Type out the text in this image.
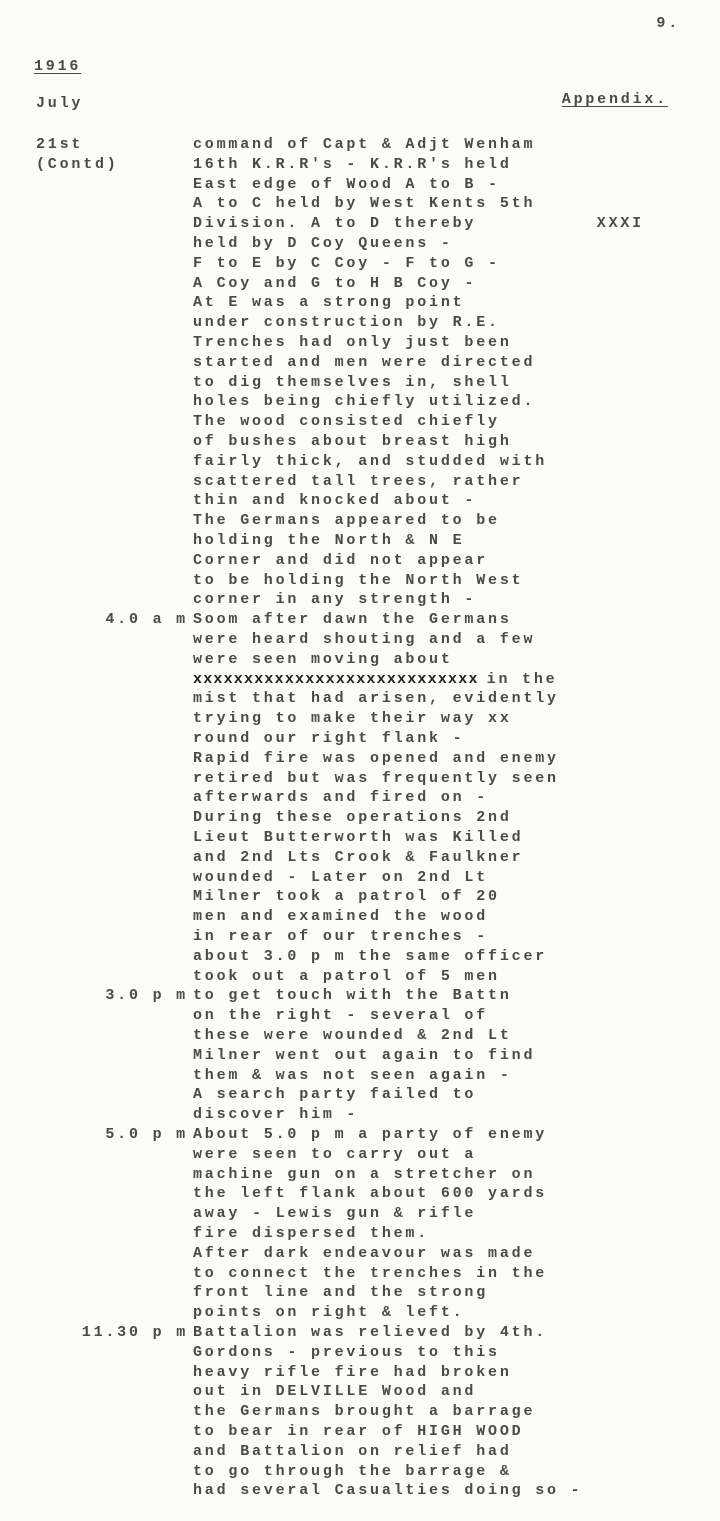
9.
1916
July	Appendix.
21st
(Contd)
XXXI
command of Capt & Adjt Wenham
16th K.R.R's - K.R.R's held
East edge of Wood A to B -
A to C held by West Kents 5th
Division. A to D thereby
held by D Coy Queens -
F to E by C Coy - F to G -
A Coy and G to H B Coy -
At E was a strong point
under construction by R.E.
Trenches had only just been
started and men were directed
to dig themselves in, shell
holes being chiefly utilized.
The wood consisted chiefly
of bushes about breast high
fairly thick, and studded with
scattered tall trees, rather
thin and knocked about -
The Germans appeared to be
holding the North & N E
Corner and did not appear
to be holding the North West
corner in any strength -
4.0 a m Soom after dawn the Germans
were heard shouting and a few
were seen moving about
xxxxxxxxxxxxxxxxxxxxxxxxxxxx in the
mist that had arisen, evidently
trying to make their way xx
round our right flank -
Rapid fire was opened and enemy
retired but was frequently seen
afterwards and fired on -
During these operations 2nd
Lieut Butterworth was Killed
and 2nd Lts Crook & Faulkner
wounded - Later on 2nd Lt
Milner took a patrol of 20
men and examined the wood
in rear of our trenches -
about 3.0 p m the same officer
took out a patrol of 5 men
3.0 p m to get touch with the Battn
on the right - several of
these were wounded & 2nd Lt
Milner went out again to find
them & was not seen again -
A search party failed to
discover him -
5.0 p m About 5.0 p m a party of enemy
were seen to carry out a
machine gun on a stretcher on
the left flank about 600 yards
away - Lewis gun & rifle
fire dispersed them.
After dark endeavour was made
to connect the trenches in the
front line and the strong
points on right & left.
11.30 p m Battalion was relieved by 4th.
Gordons - previous to this
heavy rifle fire had broken
out in DELVILLE Wood and
the Germans brought a barrage
to bear in rear of HIGH WOOD
and Battalion on relief had
to go through the barrage &
had several Casualties doing so -
